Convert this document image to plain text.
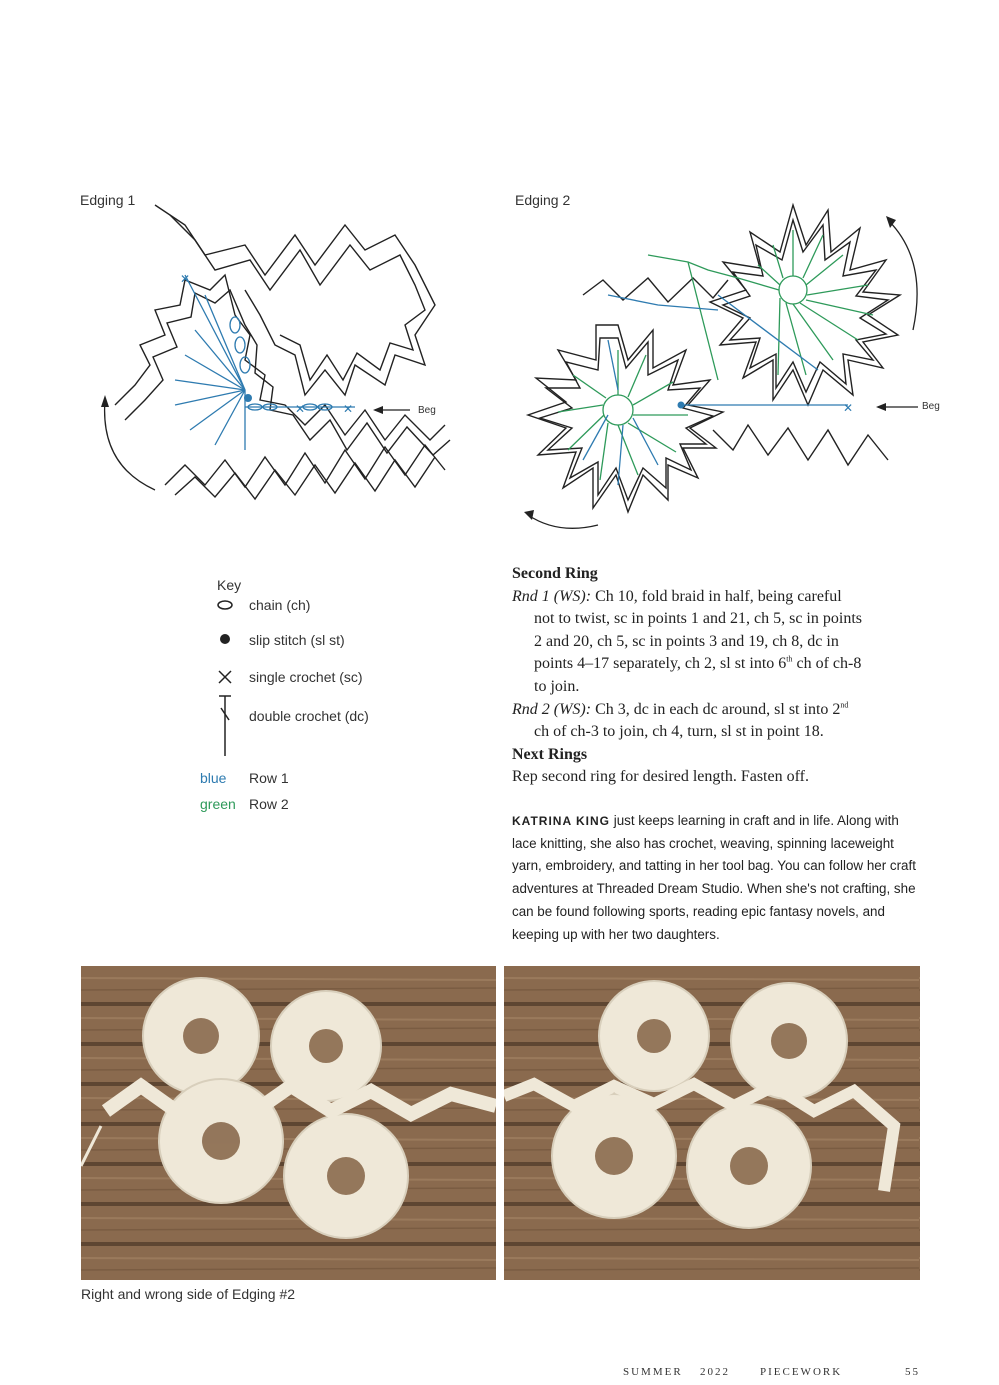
Edging 1
✕
✕	✕	Beg
Edging 2
✕	Beg
Key
chain (ch)
slip stitch (sl st)
single crochet (sc)
double crochet (dc)
blue Row 1
green Row 2

Second Ring

Rnd 1 (WS): Ch 10, fold braid in half, being careful

not to twist, sc in points 1 and 21, ch 5, sc in points

2 and 20, ch 5, sc in points 3 and 19, ch 8, dc in

points 4–17 separately, ch 2, sl st into 6th ch of ch-8

to join.

Rnd 2 (WS): Ch 3, dc in each dc around, sl st into 2nd

ch of ch-3 to join, ch 4, turn, sl st in point 18.

Next Rings

Rep second ring for desired length. Fasten off.

KATRINA KING just keeps learning in craft and in life. Along with lace knitting, she also has crochet, weaving, spinning laceweight yarn, embroidery, and tatting in her tool bag. You can follow her craft adventures at Threaded Dream Studio. When she's not crafting, she can be found following sports, reading epic fantasy novels, and keeping up with her two daughters.
Right and wrong side of Edging #2
SUMMER 2022	PIECEWORK	55
